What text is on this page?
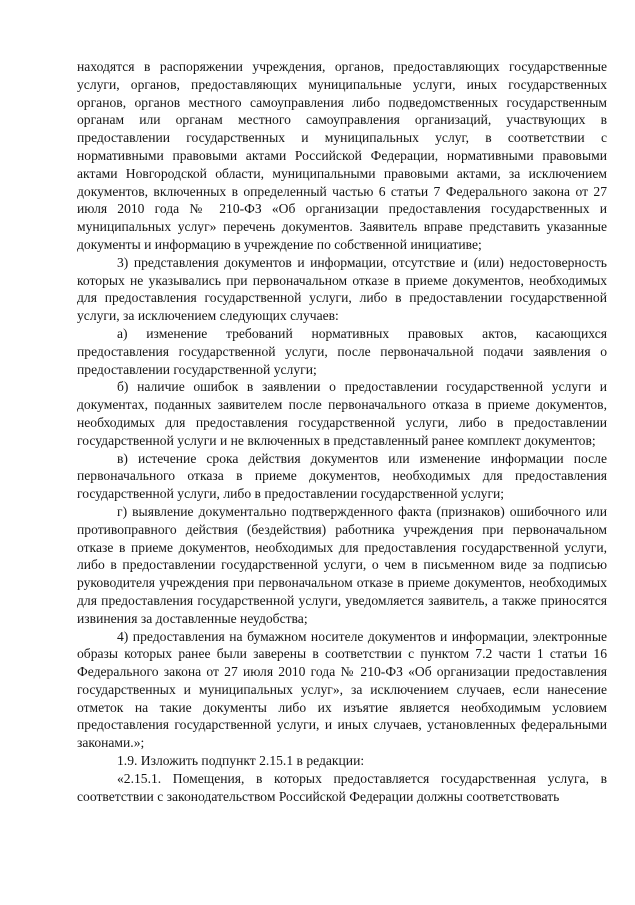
находятся в распоряжении учреждения, органов, предоставляющих государственные услуги, органов, предоставляющих муниципальные услуги, иных государственных органов, органов местного самоуправления либо подведомственных государственным органам или органам местного самоуправления организаций, участвующих в предоставлении государственных и муниципальных услуг, в соответствии с нормативными правовыми актами Российской Федерации, нормативными правовыми актами Новгородской области, муниципальными правовыми актами, за исключением документов, включенных в определенный частью 6 статьи 7 Федерального закона от 27 июля 2010 года № 210-ФЗ «Об организации предоставления государственных и муниципальных услуг» перечень документов. Заявитель вправе представить указанные документы и информацию в учреждение по собственной инициативе;

3) представления документов и информации, отсутствие и (или) недостоверность которых не указывались при первоначальном отказе в приеме документов, необходимых для предоставления государственной услуги, либо в предоставлении государственной услуги, за исключением следующих случаев:

а) изменение требований нормативных правовых актов, касающихся предоставления государственной услуги, после первоначальной подачи заявления о предоставлении государственной услуги;

б) наличие ошибок в заявлении о предоставлении государственной услуги и документах, поданных заявителем после первоначального отказа в приеме документов, необходимых для предоставления государственной услуги, либо в предоставлении государственной услуги и не включенных в представленный ранее комплект документов;

в) истечение срока действия документов или изменение информации после первоначального отказа в приеме документов, необходимых для предоставления государственной услуги, либо в предоставлении государственной услуги;

г) выявление документально подтвержденного факта (признаков) ошибочного или противоправного действия (бездействия) работника учреждения при первоначальном отказе в приеме документов, необходимых для предоставления государственной услуги, либо в предоставлении государственной услуги, о чем в письменном виде за подписью руководителя учреждения при первоначальном отказе в приеме документов, необходимых для предоставления государственной услуги, уведомляется заявитель, а также приносятся извинения за доставленные неудобства;

4) предоставления на бумажном носителе документов и информации, электронные образы которых ранее были заверены в соответствии с пунктом 7.2 части 1 статьи 16 Федерального закона от 27 июля 2010 года № 210-ФЗ «Об организации предоставления государственных и муниципальных услуг», за исключением случаев, если нанесение отметок на такие документы либо их изъятие является необходимым условием предоставления государственной услуги, и иных случаев, установленных федеральными законами.»;

1.9. Изложить подпункт 2.15.1 в редакции:

«2.15.1. Помещения, в которых предоставляется государственная услуга, в соответствии с законодательством Российской Федерации должны соответствовать
